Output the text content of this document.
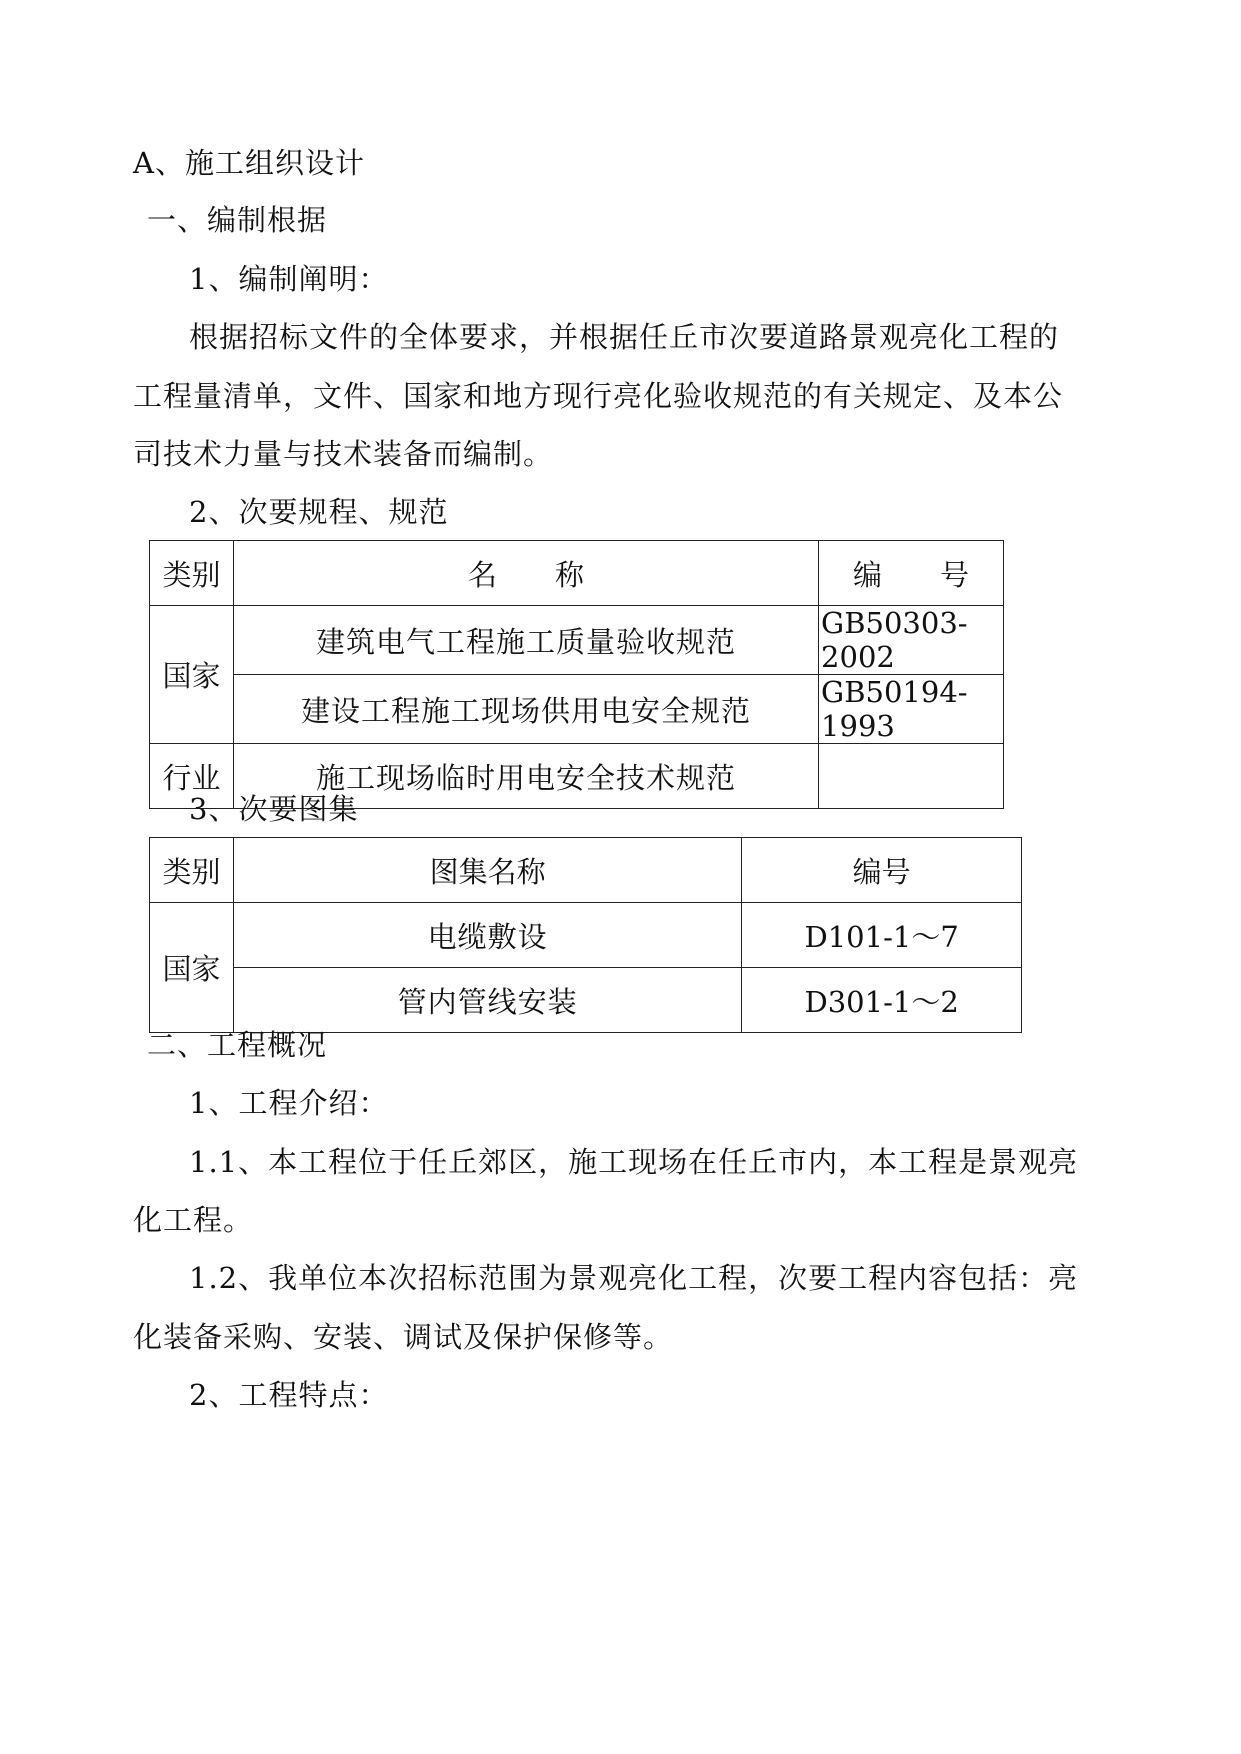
A、施工组织设计
一、编制根据
1、编制阐明：
根据招标文件的全体要求，并根据任丘市次要道路景观亮化工程的
工程量清单，文件、国家和地方现行亮化验收规范的有关规定、及本公
司技术力量与技术装备而编制。
2、次要规程、规范
类别	名　　称	编　　号
国家	建筑电气工程施工质量验收规范	GB50303-2002
	建设工程施工现场供用电安全规范	GB50194-1993
行业	施工现场临时用电安全技术规范	
3、次要图集
类别	图集名称	编号
国家	电缆敷设	D101-1～7
	管内管线安装	D301-1～2
二、工程概况
1、工程介绍：
1.1、本工程位于任丘郊区，施工现场在任丘市内，本工程是景观亮
化工程。
1.2、我单位本次招标范围为景观亮化工程，次要工程内容包括：亮
化装备采购、安装、调试及保护保修等。
2、工程特点：
